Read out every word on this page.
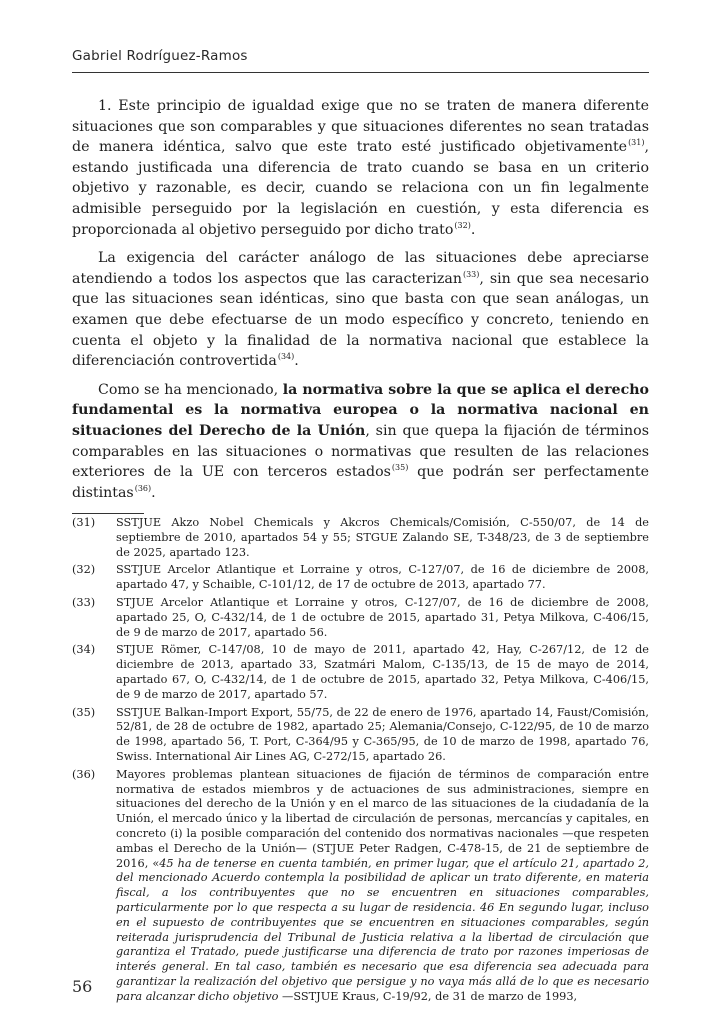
Gabriel Rodríguez-Ramos

1. Este principio de igualdad exige que no se traten de manera diferente situaciones que son comparables y que situaciones diferentes no sean tratadas de manera idéntica, salvo que este trato esté justificado objetivamente$^{(31)}$, estando justificada una diferencia de trato cuando se basa en un criterio objetivo y razonable, es decir, cuando se relaciona con un fin legalmente admisible perseguido por la legislación en cuestión, y esta diferencia es proporcionada al objetivo perseguido por dicho trato$^{(32)}$.

La exigencia del carácter análogo de las situaciones debe apreciarse atendiendo a todos los aspectos que las caracterizan$^{(33)}$, sin que sea necesario que las situaciones sean idénticas, sino que basta con que sean análogas, un examen que debe efectuarse de un modo específico y concreto, teniendo en cuenta el objeto y la finalidad de la normativa nacional que establece la diferenciación controvertida$^{(34)}$.

Como se ha mencionado, la normativa sobre la que se aplica el derecho fundamental es la normativa europea o la normativa nacional en situaciones del Derecho de la Unión, sin que quepa la fijación de términos comparables en las situaciones o normativas que resulten de las relaciones exteriores de la UE con terceros estados$^{(35)}$ que podrán ser perfectamente distintas$^{(36)}$.

(31)	SSTJUE Akzo Nobel Chemicals y Akcros Chemicals/Comisión, C-550/07, de 14 de septiembre de 2010, apartados 54 y 55; STGUE Zalando SE, T-348/23, de 3 de septiembre de 2025, apartado 123.
(32)	SSTJUE Arcelor Atlantique et Lorraine y otros, C-127/07, de 16 de diciembre de 2008, apartado 47, y Schaible, C-101/12, de 17 de octubre de 2013, apartado 77.
(33)	STJUE Arcelor Atlantique et Lorraine y otros, C-127/07, de 16 de diciembre de 2008, apartado 25, O, C-432/14, de 1 de octubre de 2015, apartado 31, Petya Milkova, C-406/15, de 9 de marzo de 2017, apartado 56.
(34)	STJUE Römer, C-147/08, 10 de mayo de 2011, apartado 42, Hay, C-267/12, de 12 de diciembre de 2013, apartado 33, Szatmári Malom, C-135/13, de 15 de mayo de 2014, apartado 67, O, C-432/14, de 1 de octubre de 2015, apartado 32, Petya Milkova, C-406/15, de 9 de marzo de 2017, apartado 57.
(35)	SSTJUE Balkan-Import Export, 55/75, de 22 de enero de 1976, apartado 14, Faust/Comisión, 52/81, de 28 de octubre de 1982, apartado 25; Alemania/Consejo, C-122/95, de 10 de marzo de 1998, apartado 56, T. Port, C-364/95 y C-365/95, de 10 de marzo de 1998, apartado 76, Swiss. International Air Lines AG, C-272/15, apartado 26.
(36)	Mayores problemas plantean situaciones de fijación de términos de comparación entre normativa de estados miembros y de actuaciones de sus administraciones, siempre en situaciones del derecho de la Unión y en el marco de las situaciones de la ciudadanía de la Unión, el mercado único y la libertad de circulación de personas, mercancías y capitales, en concreto (i) la posible comparación del contenido dos normativas nacionales —que respeten ambas el Derecho de la Unión— (STJUE Peter Radgen, C-478-15, de 21 de septiembre de 2016, «45 ha de tenerse en cuenta también, en primer lugar, que el artículo 21, apartado 2, del mencionado Acuerdo contempla la posibilidad de aplicar un trato diferente, en materia fiscal, a los contribuyentes que no se encuentren en situaciones comparables, particularmente por lo que respecta a su lugar de residencia. 46 En segundo lugar, incluso en el supuesto de contribuyentes que se encuentren en situaciones comparables, según reiterada jurisprudencia del Tribunal de Justicia relativa a la libertad de circulación que garantiza el Tratado, puede justificarse una diferencia de trato por razones imperiosas de interés general. En tal caso, también es necesario que esa diferencia sea adecuada para garantizar la realización del objetivo que persigue y no vaya más allá de lo que es necesario para alcanzar dicho objetivo —SSTJUE Kraus, C-19/92, de 31 de marzo de 1993,
56
